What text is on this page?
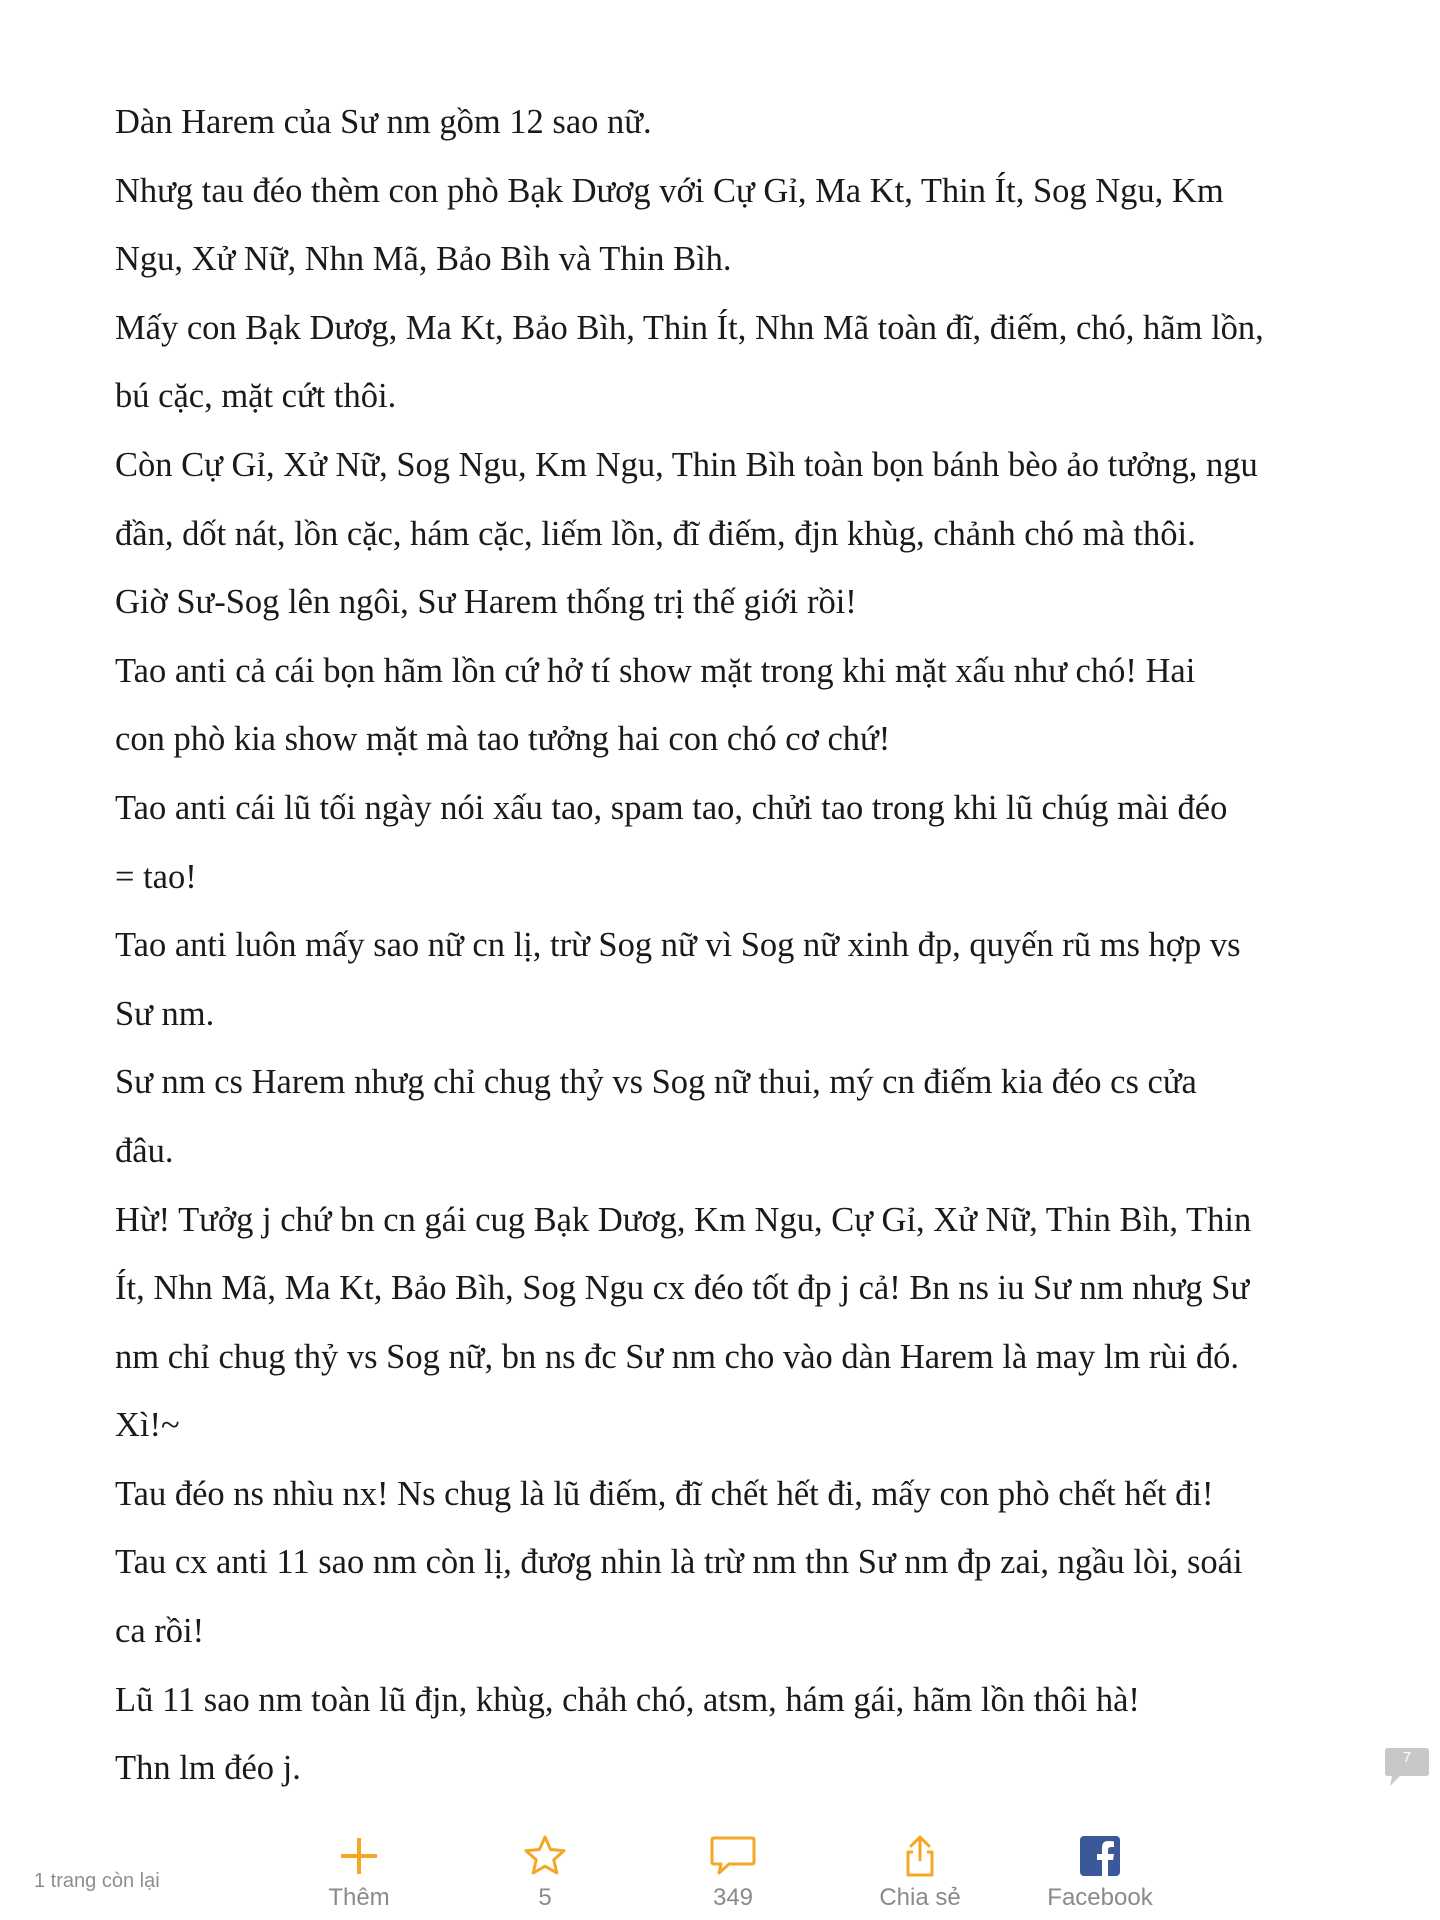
Dàn Harem của Sư nm gồm 12 sao nữ.
Nhưg tau đéo thèm con phò Bạk Dươg với Cự Gỉ, Ma Kt, Thin Ít, Sog Ngu, Km
Ngu, Xử Nữ, Nhn Mã, Bảo Bìh và Thin Bìh.
Mấy con Bạk Dươg, Ma Kt, Bảo Bìh, Thin Ít, Nhn Mã toàn đĩ, điếm, chó, hãm lồn,
bú cặc, mặt cứt thôi.
Còn Cự Gỉ, Xử Nữ, Sog Ngu, Km Ngu, Thin Bìh toàn bọn bánh bèo ảo tưởng, ngu
đần, dốt nát, lồn cặc, hám cặc, liếm lồn, đĩ điếm, đjn khùg, chảnh chó mà thôi.
Giờ Sư-Sog lên ngôi, Sư Harem thống trị thế giới rồi!
Tao anti cả cái bọn hãm lồn cứ hở tí show mặt trong khi mặt xấu như chó! Hai
con phò kia show mặt mà tao tưởng hai con chó cơ chứ!
Tao anti cái lũ tối ngày nói xấu tao, spam tao, chửi tao trong khi lũ chúg mài đéo
= tao!
Tao anti luôn mấy sao nữ cn lị, trừ Sog nữ vì Sog nữ xinh đp, quyến rũ ms hợp vs
Sư nm.
Sư nm cs Harem nhưg chỉ chug thỷ vs Sog nữ thui, mý cn điếm kia đéo cs cửa
đâu.
Hừ! Tưởg j chứ bn cn gái cug Bạk Dươg, Km Ngu, Cự Gỉ, Xử Nữ, Thin Bìh, Thin
Ít, Nhn Mã, Ma Kt, Bảo Bìh, Sog Ngu cx đéo tốt đp j cả! Bn ns iu Sư nm nhưg Sư
nm chỉ chug thỷ vs Sog nữ, bn ns đc Sư nm cho vào dàn Harem là may lm rùi đó.
Xì!~
Tau đéo ns nhìu nx! Ns chug là lũ điếm, đĩ chết hết đi, mấy con phò chết hết đi!
Tau cx anti 11 sao nm còn lị, đươg nhin là trừ nm thn Sư nm đp zai, ngầu lòi, soái
ca rồi!
Lũ 11 sao nm toàn lũ đjn, khùg, chảh chó, atsm, hám gái, hãm lồn thôi hà!
Thn lm đéo j.	7
1 trang còn lại
Thêm	5	349	Chia sẻ	Facebook
